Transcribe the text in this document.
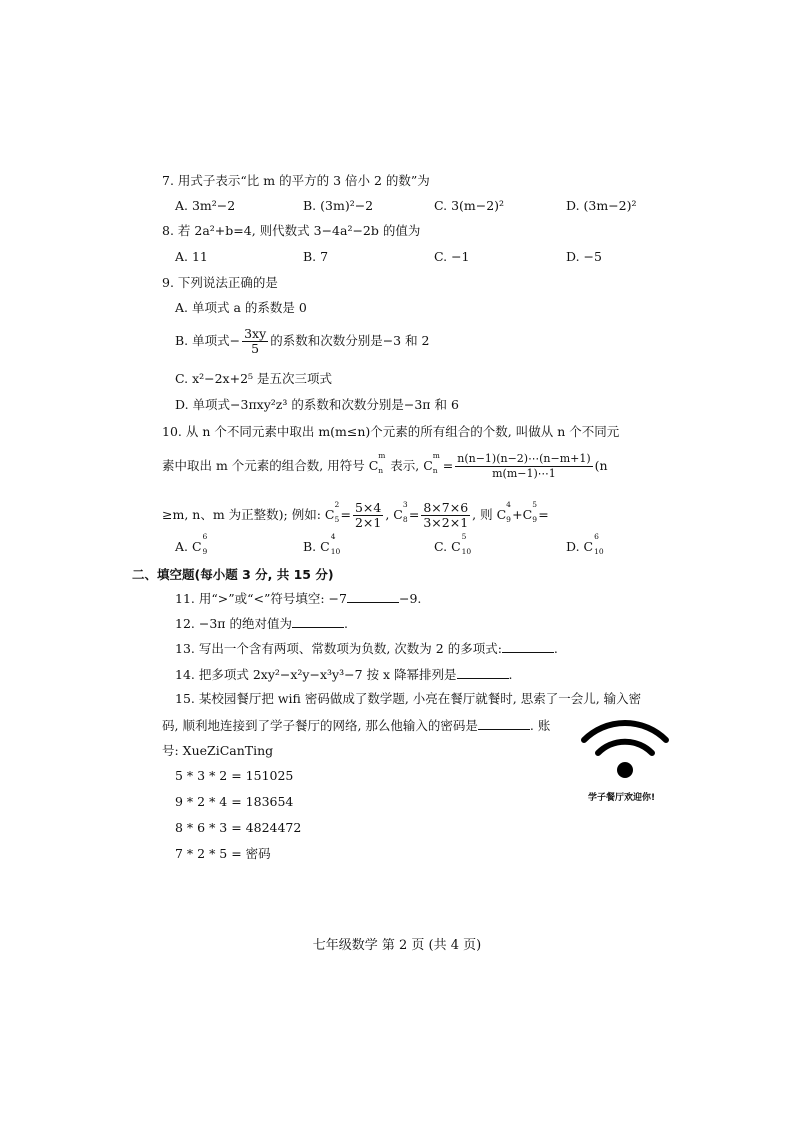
7. 用式子表示“比 m 的平方的 3 倍小 2 的数”为
A. 3m²−2	B. (3m)²−2	C. 3(m−2)²	D. (3m−2)²
8. 若 2a²+b=4, 则代数式 3−4a²−2b 的值为
A. 11	B. 7	C. −1	D. −5
9. 下列说法正确的是
A. 单项式 a 的系数是 0
B. 单项式− $\frac{3xy}{5}$ 的系数和次数分别是−3 和 2
C. x²−2x+2⁵ 是五次三项式
D. 单项式−3πxy²z³ 的系数和次数分别是−3π 和 6
10. 从 n 个不同元素中取出 m(m≤n)个元素的所有组合的个数, 叫做从 n 个不同元
素中取出 m 个元素的组合数, 用符号 C
m
n 表示, C
m
$n = \frac{n(n-1)(n-2)\cdots(n-m+1)}{m(m-1)\cdots 1} (n$
≥m, n、m 为正整数); 例如: C
2
$5 = \frac{5\times 4}{2\times 1}$ , C
3
$8 = \frac{8\times 7\times 6}{3\times 2\times 1}$ , 则 C
4
9 +C
5
9 =
A. C
6
9	B. C
4
10	C. C
5
10	D. C
6
10
二、填空题(每小题 3 分, 共 15 分)
11. 用“>”或“<”符号填空: −7	−9.
12. −3π 的绝对值为	.
13. 写出一个含有两项、常数项为负数, 次数为 2 的多项式:	.
14. 把多项式 2xy²−x²y−x³y³−7 按 x 降幂排列是	.
15. 某校园餐厅把 wifi 密码做成了数学题, 小亮在餐厅就餐时, 思索了一会儿, 输入密
码, 顺利地连接到了学子餐厅的网络, 那么他输入的密码是	. 账
号: XueZiCanTing
5 * 3 * 2 = 151025
9 * 2 * 4 = 183654
8 * 6 * 3 = 4824472
7 * 2 * 5 = 密码
学子餐厅欢迎你!
七年级数学 第 2 页 (共 4 页)
